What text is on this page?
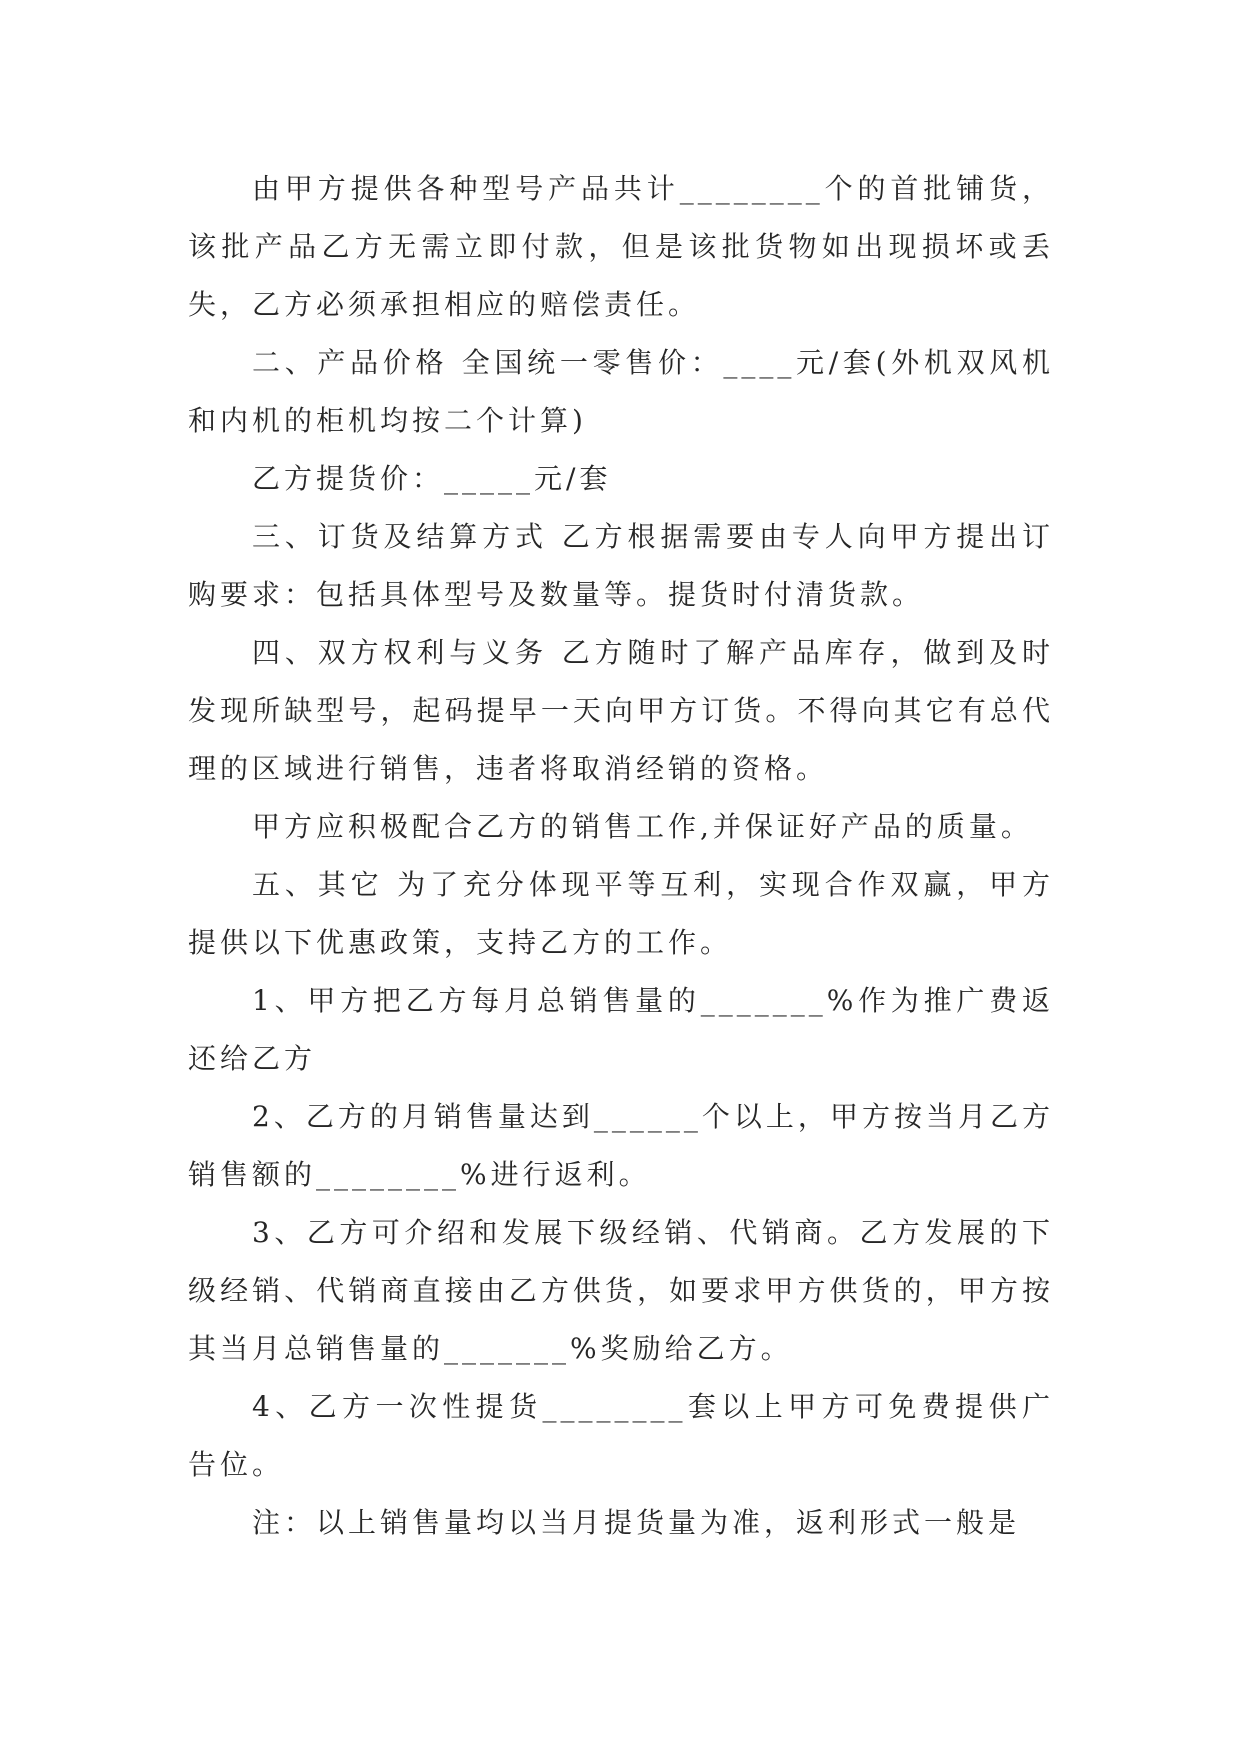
由甲方提供各种型号产品共计________个的首批铺货，该批产品乙方无需立即付款，但是该批货物如出现损坏或丢失，乙方必须承担相应的赔偿责任。

二、产品价格 全国统一零售价：____元/套(外机双风机和内机的柜机均按二个计算)

乙方提货价：_____元/套

三、订货及结算方式 乙方根据需要由专人向甲方提出订购要求：包括具体型号及数量等。提货时付清货款。

四、双方权利与义务 乙方随时了解产品库存，做到及时发现所缺型号，起码提早一天向甲方订货。不得向其它有总代理的区域进行销售，违者将取消经销的资格。

甲方应积极配合乙方的销售工作,并保证好产品的质量。

五、其它 为了充分体现平等互利，实现合作双赢，甲方提供以下优惠政策，支持乙方的工作。

1、甲方把乙方每月总销售量的_______%作为推广费返还给乙方

2、乙方的月销售量达到______个以上，甲方按当月乙方销售额的________%进行返利。

3、乙方可介绍和发展下级经销、代销商。乙方发展的下级经销、代销商直接由乙方供货，如要求甲方供货的，甲方按其当月总销售量的_______%奖励给乙方。

4、乙方一次性提货________套以上甲方可免费提供广告位。

注：以上销售量均以当月提货量为准，返利形式一般是
